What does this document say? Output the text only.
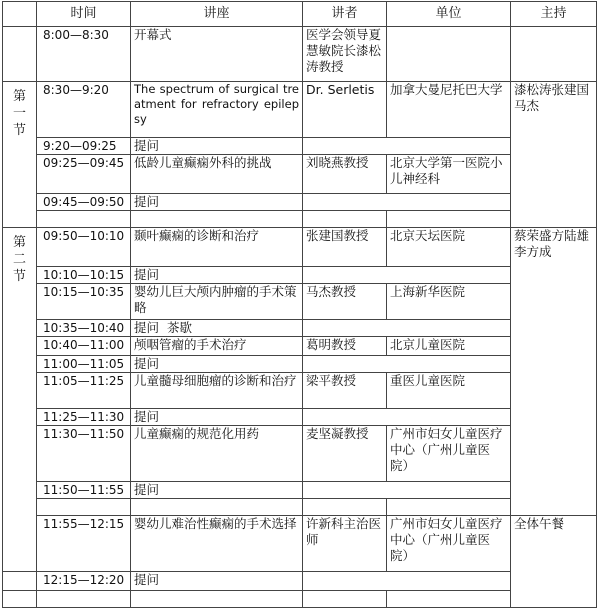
	时间	讲座	讲者	单位	主持
	8:00—8:30	开幕式	医学会领导夏慧敏院长漆松涛教授		

第
一
节	8:30—9:20	The spectrum of surgical treatment for refractory epilepsy	Dr. Serletis	加拿大曼尼托巴大学	漆松涛张建国马杰
	9:20—09:25	提问			
	09:25—09:45	低龄儿童癫痫外科的挑战	刘晓燕教授	北京大学第一医院小儿神经科	
	09:45—09:50	提问			

第
二
节	09:50—10:10	颞叶癫痫的诊断和治疗	张建国教授	北京天坛医院	蔡荣盛方陆雄李方成
	10:10—10:15	提问			
	10:15—10:35	婴幼儿巨大颅内肿瘤的手术策略	马杰教授	上海新华医院	
	10:35—10:40	提问  茶歇			
	10:40—11:00	颅咽管瘤的手术治疗	葛明教授	北京儿童医院	
	11:00—11:05	提问			
	11:05—11:25	儿童髓母细胞瘤的诊断和治疗	梁平教授	重医儿童医院	
	11:25—11:30	提问			
	11:30—11:50	儿童癫痫的规范化用药	麦坚凝教授	广州市妇女儿童医疗中心（广州儿童医院）	
	11:50—11:55	提问			

	11:55—12:15	婴幼儿难治性癫痫的手术选择	许新科主治医师	广州市妇女儿童医疗中心（广州儿童医院）	全体午餐
	12:15—12:20	提问			
